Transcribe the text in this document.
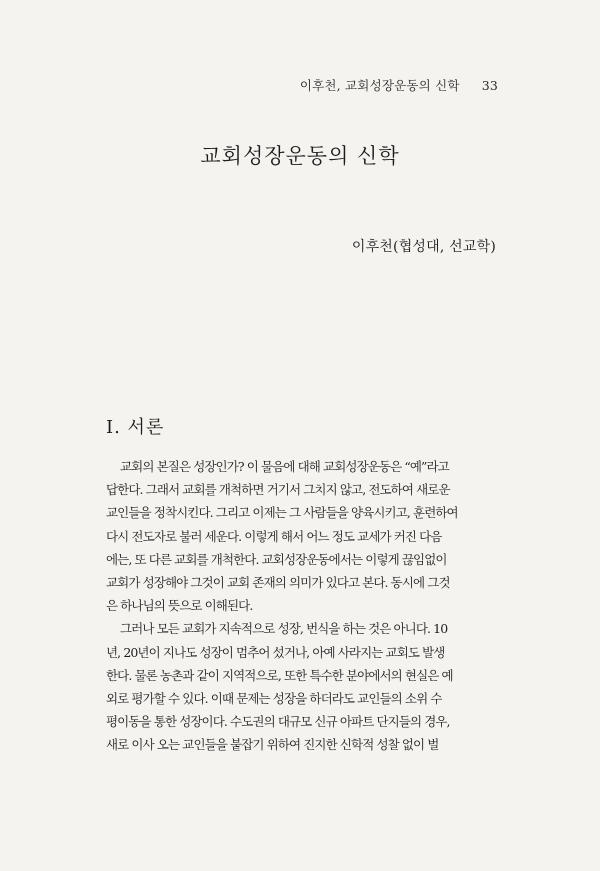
이후천, 교회성장운동의 신학 33
교회성장운동의 신학
이후천(협성대, 선교학)
I. 서론
교회의 본질은 성장인가? 이 물음에 대해 교회성장운동은 “예”라고
답한다. 그래서 교회를 개척하면 거기서 그치지 않고, 전도하여 새로운
교인들을 정착시킨다. 그리고 이제는 그 사람들을 양육시키고, 훈련하여
다시 전도자로 불러 세운다. 이렇게 해서 어느 정도 교세가 커진 다음
에는, 또 다른 교회를 개척한다. 교회성장운동에서는 이렇게 끊임없이
교회가 성장해야 그것이 교회 존재의 의미가 있다고 본다. 동시에 그것
은 하나님의 뜻으로 이해된다.
그러나 모든 교회가 지속적으로 성장, 번식을 하는 것은 아니다. 10
년, 20년이 지나도 성장이 멈추어 섰거나, 아예 사라지는 교회도 발생
한다. 물론 농촌과 같이 지역적으로, 또한 특수한 분야에서의 현실은 예
외로 평가할 수 있다. 이때 문제는 성장을 하더라도 교인들의 소위 수
평이동을 통한 성장이다. 수도권의 대규모 신규 아파트 단지들의 경우,
새로 이사 오는 교인들을 붙잡기 위하여 진지한 신학적 성찰 없이 벌
